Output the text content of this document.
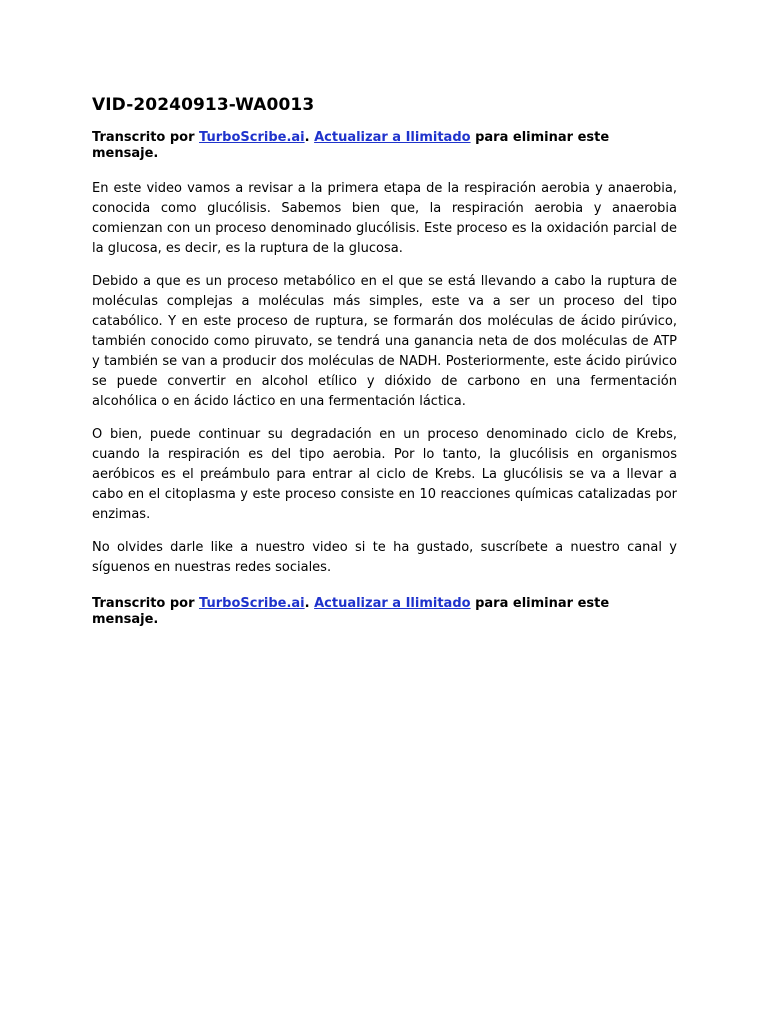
VID-20240913-WA0013

Transcrito por TurboScribe.ai. Actualizar a Ilimitado para eliminar este mensaje.

En este video vamos a revisar a la primera etapa de la respiración aerobia y anaerobia, conocida como glucólisis. Sabemos bien que, la respiración aerobia y anaerobia comienzan con un proceso denominado glucólisis. Este proceso es la oxidación parcial de la glucosa, es decir, es la ruptura de la glucosa.

Debido a que es un proceso metabólico en el que se está llevando a cabo la ruptura de moléculas complejas a moléculas más simples, este va a ser un proceso del tipo catabólico. Y en este proceso de ruptura, se formarán dos moléculas de ácido pirúvico, también conocido como piruvato, se tendrá una ganancia neta de dos moléculas de ATP y también se van a producir dos moléculas de NADH. Posteriormente, este ácido pirúvico se puede convertir en alcohol etílico y dióxido de carbono en una fermentación alcohólica o en ácido láctico en una fermentación láctica.

O bien, puede continuar su degradación en un proceso denominado ciclo de Krebs, cuando la respiración es del tipo aerobia. Por lo tanto, la glucólisis en organismos aeróbicos es el preámbulo para entrar al ciclo de Krebs. La glucólisis se va a llevar a cabo en el citoplasma y este proceso consiste en 10 reacciones químicas catalizadas por enzimas.

No olvides darle like a nuestro video si te ha gustado, suscríbete a nuestro canal y síguenos en nuestras redes sociales.

Transcrito por TurboScribe.ai. Actualizar a Ilimitado para eliminar este mensaje.
